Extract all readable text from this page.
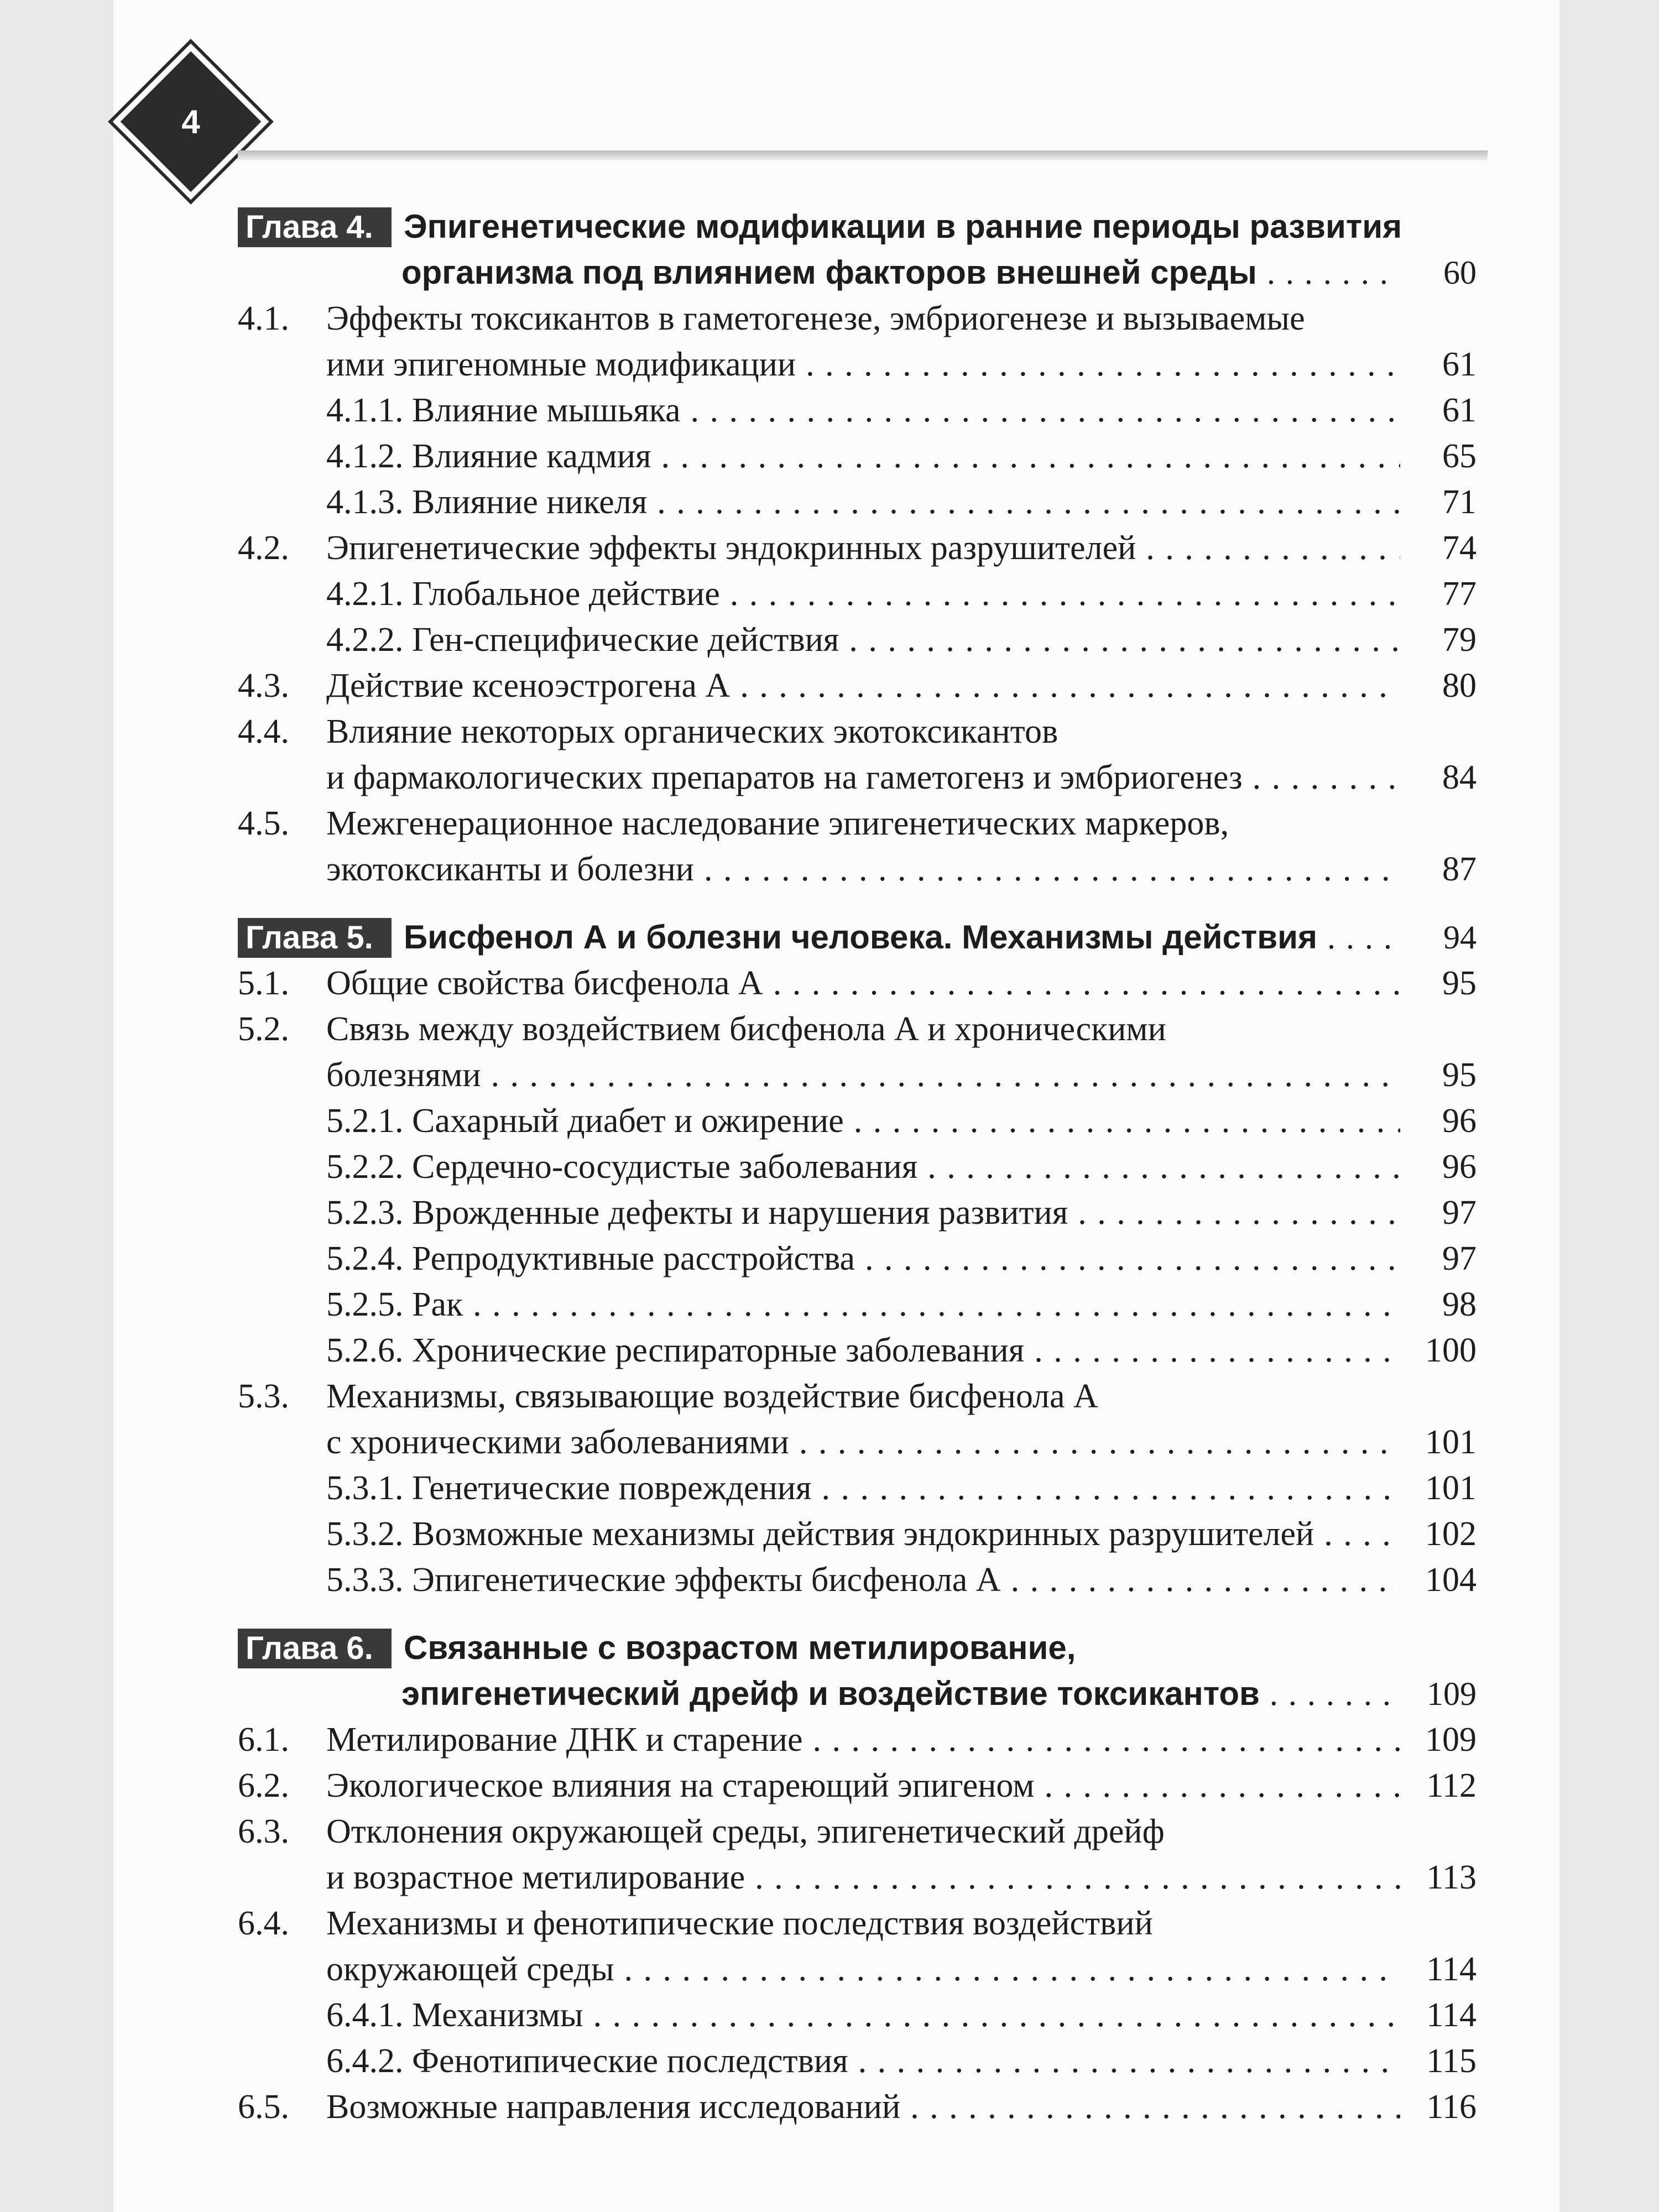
4
Глава 4. Эпигенетические модификации в ранние периоды развития
организма под влиянием факторов внешней среды . . .	60
4.1. Эффекты токсикантов в гаметогенезе, эмбриогенезе и вызываемые
ими эпигеномные модификации . . .	61
4.1.1. Влияние мышьяка . . .	61
4.1.2. Влияние кадмия . . .	65
4.1.3. Влияние никеля . . .	71
4.2. Эпигенетические эффекты эндокринных разрушителей . . .	74
4.2.1. Глобальное действие . . .	77
4.2.2. Ген-специфические действия . . .	79
4.3. Действие ксеноэстрогена А . . .	80
4.4. Влияние некоторых органических экотоксикантов
и фармакологических препаратов на гаметогенз и эмбриогенез . . .	84
4.5. Межгенерационное наследование эпигенетических маркеров,
экотоксиканты и болезни . . .	87
Глава 5. Бисфенол А и болезни человека. Механизмы действия . . .	94
5.1. Общие свойства бисфенола А . . .	95
5.2. Связь между воздействием бисфенола А и хроническими
болезнями . . .	95
5.2.1. Сахарный диабет и ожирение . . .	96
5.2.2. Сердечно-сосудистые заболевания . . .	96
5.2.3. Врожденные дефекты и нарушения развития . . .	97
5.2.4. Репродуктивные расстройства . . .	97
5.2.5. Рак . . .	98
5.2.6. Хронические респираторные заболевания . . .	100
5.3. Механизмы, связывающие воздействие бисфенола А
с хроническими заболеваниями . . .	101
5.3.1. Генетические повреждения . . .	101
5.3.2. Возможные механизмы действия эндокринных разрушителей . . .	102
5.3.3. Эпигенетические эффекты бисфенола А . . .	104
Глава 6. Связанные с возрастом метилирование,
эпигенетический дрейф и воздействие токсикантов . . .	109
6.1. Метилирование ДНК и старение . . .	109
6.2. Экологическое влияния на стареющий эпигеном . . .	112
6.3. Отклонения окружающей среды, эпигенетический дрейф
и возрастное метилирование . . .	113
6.4. Механизмы и фенотипические последствия воздействий
окружающей среды . . .	114
6.4.1. Механизмы . . .	114
6.4.2. Фенотипические последствия . . .	115
6.5. Возможные направления исследований . . .	116
